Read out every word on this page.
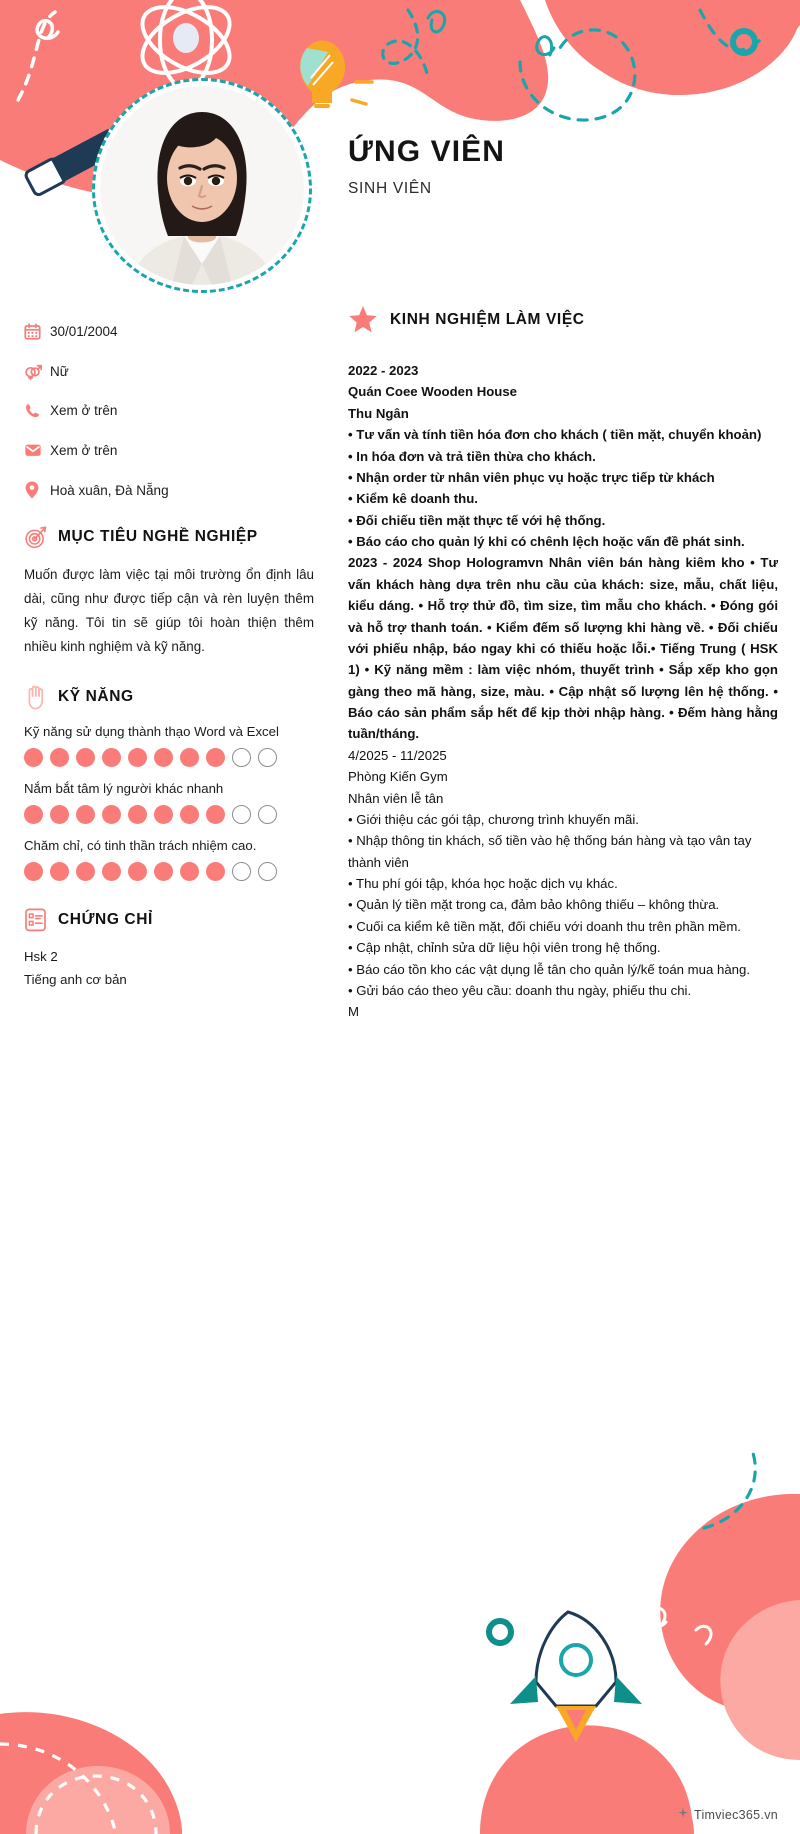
ỨNG VIÊN
SINH VIÊN
30/01/2004
Nữ
Xem ở trên
Xem ở trên
Hoà xuân, Đà Nẵng
MỤC TIÊU NGHỀ NGHIỆP
Muốn được làm việc tại môi trường ổn định lâu dài, cũng như được tiếp cận và rèn luyện thêm kỹ năng. Tôi tin sẽ giúp tôi hoàn thiện thêm nhiều kinh nghiệm và kỹ năng.
KỸ NĂNG
Kỹ năng sử dụng thành thạo Word và Excel
Nắm bắt tâm lý người khác nhanh
Chăm chỉ, có tinh thần trách nhiệm cao.
CHỨNG CHỈ
Hsk 2
Tiếng anh cơ bản
KINH NGHIỆM LÀM VIỆC
2022 - 2023
Quán Coee Wooden House
Thu Ngân
• Tư vấn và tính tiền hóa đơn cho khách ( tiền mặt, chuyển khoản)
• In hóa đơn và trả tiền thừa cho khách.
• Nhận order từ nhân viên phục vụ hoặc trực tiếp từ khách
• Kiểm kê doanh thu.
• Đối chiếu tiền mặt thực tế với hệ thống.
• Báo cáo cho quản lý khi có chênh lệch hoặc vấn đề phát sinh.
2023 - 2024 Shop Hologramvn Nhân viên bán hàng kiêm kho • Tư vấn khách hàng dựa trên nhu cầu của khách: size, mẫu, chất liệu, kiểu dáng. • Hỗ trợ thử đồ, tìm size, tìm mẫu cho khách. • Đóng gói và hỗ trợ thanh toán. • Kiểm đếm số lượng khi hàng về. • Đối chiếu với phiếu nhập, báo ngay khi có thiếu hoặc lỗi.• Tiếng Trung ( HSK 1) • Kỹ năng mềm : làm việc nhóm, thuyết trình • Sắp xếp kho gọn gàng theo mã hàng, size, màu. • Cập nhật số lượng lên hệ thống. • Báo cáo sản phẩm sắp hết để kịp thời nhập hàng. • Đếm hàng hằng tuần/tháng.
4/2025 - 11/2025
Phòng Kiến Gym
Nhân viên lễ tân
• Giới thiệu các gói tập, chương trình khuyến mãi.
• Nhập thông tin khách, số tiền vào hệ thống bán hàng và tạo vân tay thành viên
• Thu phí gói tập, khóa học hoặc dịch vụ khác.
• Quản lý tiền mặt trong ca, đảm bảo không thiếu – không thừa.
• Cuối ca kiểm kê tiền mặt, đối chiếu với doanh thu trên phần mềm.
• Cập nhật, chỉnh sửa dữ liệu hội viên trong hệ thống.
• Báo cáo tồn kho các vật dụng lễ tân cho quản lý/kế toán mua hàng.
• Gửi báo cáo theo yêu cầu: doanh thu ngày, phiếu thu chi.
M
Timviec365.vn
